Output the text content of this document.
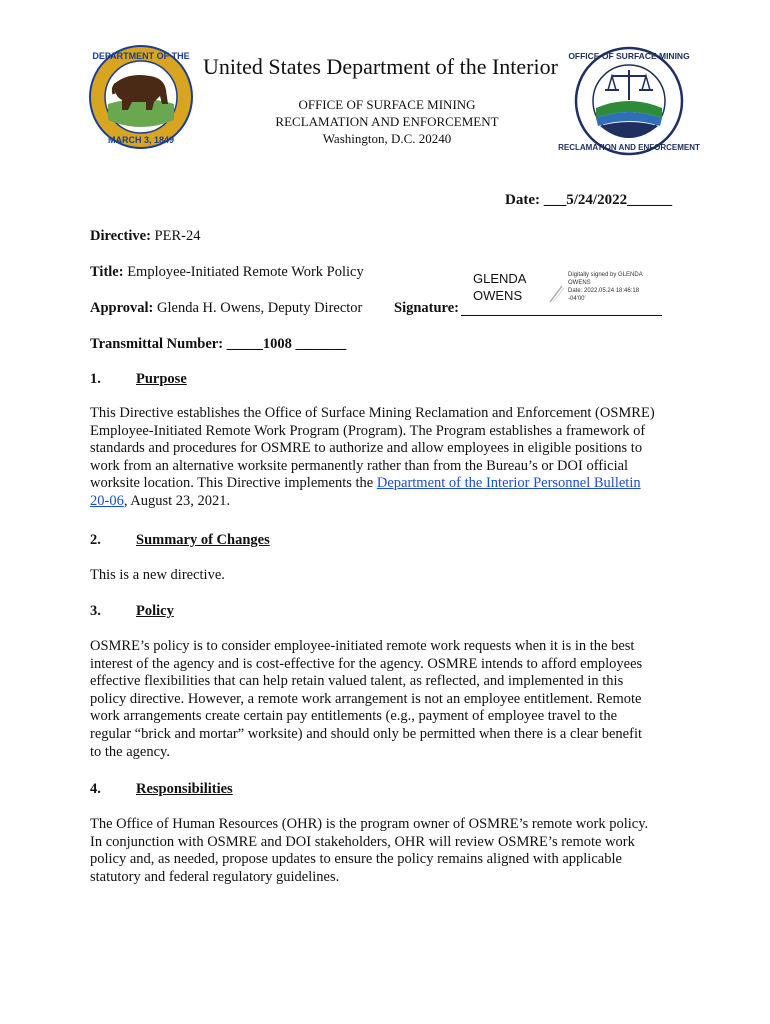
DEPARTMENT OF THE
MARCH 3, 1849
United States Department of the Interior
OFFICE OF SURFACE MINING
RECLAMATION AND ENFORCEMENT
Washington, D.C. 20240
OFFICE OF SURFACE MINING
RECLAMATION AND ENFORCEMENT
Date: ___5/24/2022______
Directive: PER-24
Title: Employee-Initiated Remote Work Policy
Approval: Glenda H. Owens, Deputy Director Signature:
GLENDA
OWENS
Digitally signed by GLENDA
OWENS
Date: 2022.05.24 18:46:18
-04'00'
Transmittal Number: _____1008 _______
1. Purpose
This Directive establishes the Office of Surface Mining Reclamation and Enforcement (OSMRE)
Employee-Initiated Remote Work Program (Program). The Program establishes a framework of
standards and procedures for OSMRE to authorize and allow employees in eligible positions to
work from an alternative worksite permanently rather than from the Bureau’s or DOI official
worksite location. This Directive implements the Department of the Interior Personnel Bulletin
20-06, August 23, 2021.
2. Summary of Changes
This is a new directive.
3. Policy
OSMRE’s policy is to consider employee-initiated remote work requests when it is in the best
interest of the agency and is cost-effective for the agency. OSMRE intends to afford employees
effective flexibilities that can help retain valued talent, as reflected, and implemented in this
policy directive. However, a remote work arrangement is not an employee entitlement. Remote
work arrangements create certain pay entitlements (e.g., payment of employee travel to the
regular “brick and mortar” worksite) and should only be permitted when there is a clear benefit
to the agency.
4. Responsibilities
The Office of Human Resources (OHR) is the program owner of OSMRE’s remote work policy.
In conjunction with OSMRE and DOI stakeholders, OHR will review OSMRE’s remote work
policy and, as needed, propose updates to ensure the policy remains aligned with applicable
statutory and federal regulatory guidelines.
